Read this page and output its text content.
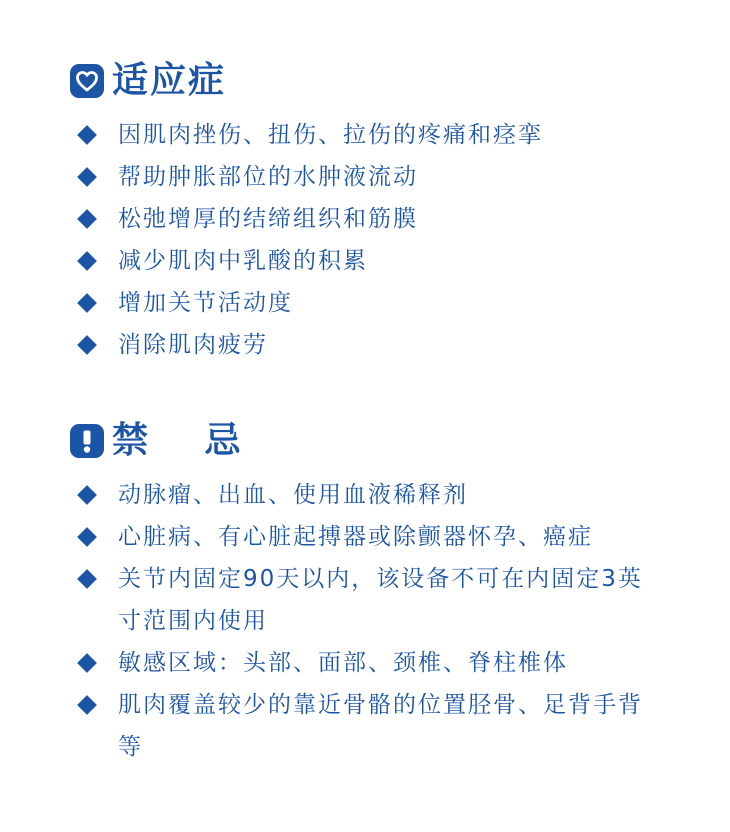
适应症
因肌肉挫伤、扭伤、拉伤的疼痛和痉挛
帮助肿胀部位的水肿液流动
松弛增厚的结缔组织和筋膜
减少肌肉中乳酸的积累
增加关节活动度
消除肌肉疲劳
禁 忌
动脉瘤、出血、使用血液稀释剂
心脏病、有心脏起搏器或除颤器怀孕、癌症
关节内固定90天以内，该设备不可在内固定3英寸范围内使用
敏感区域：头部、面部、颈椎、脊柱椎体
肌肉覆盖较少的靠近骨骼的位置胫骨、足背手背等
